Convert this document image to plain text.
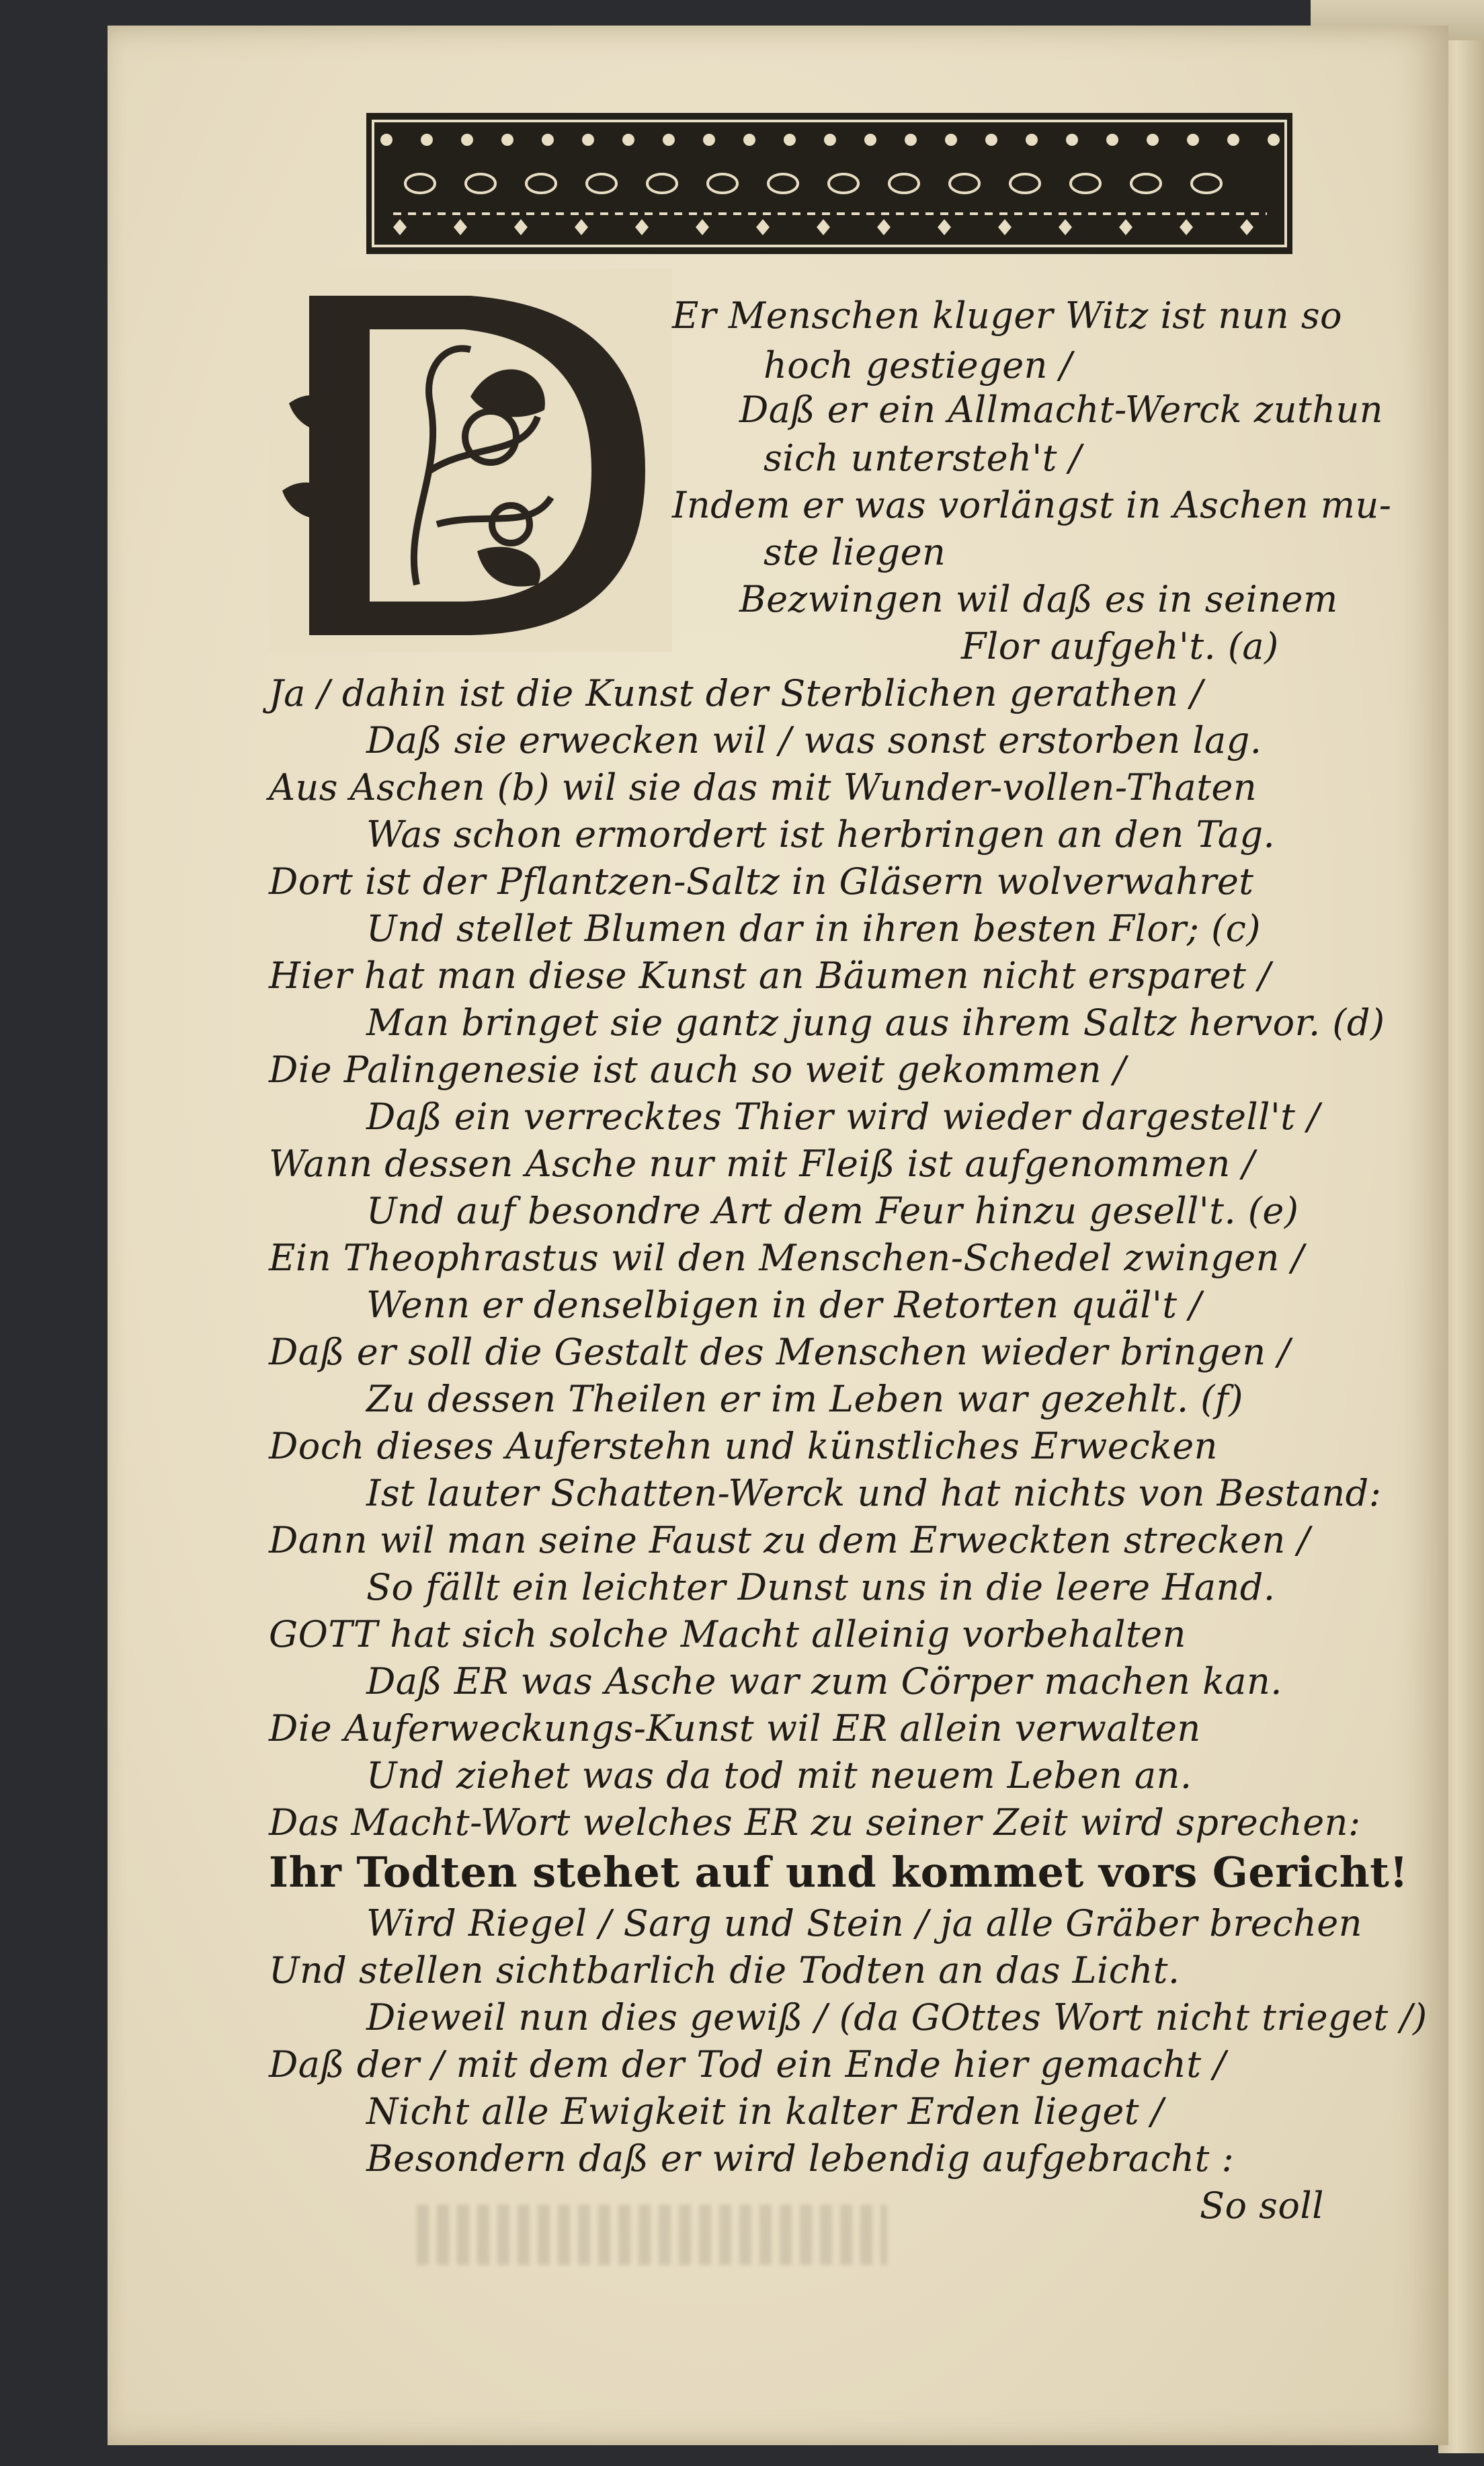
Er Menschen kluger Witz ist nun so
hoch gestiegen /
Daß er ein Allmacht-Werck zuthun
sich untersteh't /
Indem er was vorlängst in Aschen mu-
ste liegen
Bezwingen wil daß es in seinem
Flor aufgeh't. (a)
Ja / dahin ist die Kunst der Sterblichen gerathen /
Daß sie erwecken wil / was sonst erstorben lag.
Aus Aschen (b) wil sie das mit Wunder-vollen-Thaten
Was schon ermordert ist herbringen an den Tag.
Dort ist der Pflantzen-Saltz in Gläsern wolverwahret
Und stellet Blumen dar in ihren besten Flor; (c)
Hier hat man diese Kunst an Bäumen nicht ersparet /
Man bringet sie gantz jung aus ihrem Saltz hervor. (d)
Die Palingenesie ist auch so weit gekommen /
Daß ein verrecktes Thier wird wieder dargestell't /
Wann dessen Asche nur mit Fleiß ist aufgenommen /
Und auf besondre Art dem Feur hinzu gesell't. (e)
Ein Theophrastus wil den Menschen-Schedel zwingen /
Wenn er denselbigen in der Retorten quäl't /
Daß er soll die Gestalt des Menschen wieder bringen /
Zu dessen Theilen er im Leben war gezehlt. (f)
Doch dieses Auferstehn und künstliches Erwecken
Ist lauter Schatten-Werck und hat nichts von Bestand:
Dann wil man seine Faust zu dem Erweckten strecken /
So fällt ein leichter Dunst uns in die leere Hand.
GOTT hat sich solche Macht alleinig vorbehalten
Daß ER was Asche war zum Cörper machen kan.
Die Auferweckungs-Kunst wil ER allein verwalten
Und ziehet was da tod mit neuem Leben an.
Das Macht-Wort welches ER zu seiner Zeit wird sprechen:
Ihr Todten stehet auf und kommet vors Gericht!
Wird Riegel / Sarg und Stein / ja alle Gräber brechen
Und stellen sichtbarlich die Todten an das Licht.
Dieweil nun dies gewiß / (da GOttes Wort nicht trieget /)
Daß der / mit dem der Tod ein Ende hier gemacht /
Nicht alle Ewigkeit in kalter Erden lieget /
Besondern daß er wird lebendig aufgebracht :
So soll
